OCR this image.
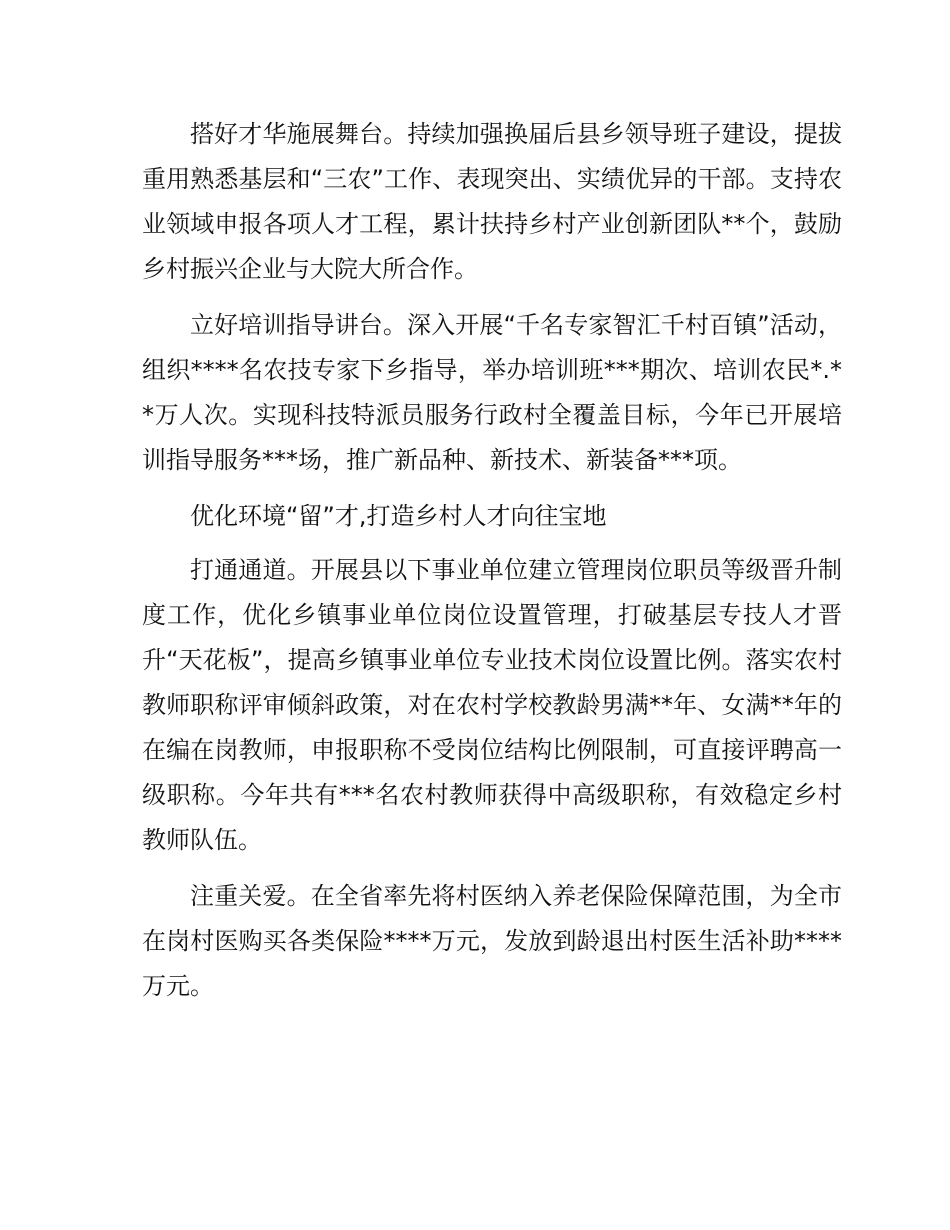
搭好才华施展舞台。持续加强换届后县乡领导班子建设，提拔重用熟悉基层和“三农”工作、表现突出、实绩优异的干部。支持农业领域申报各项人才工程，累计扶持乡村产业创新团队**个，鼓励乡村振兴企业与大院大所合作。

立好培训指导讲台。深入开展“千名专家智汇千村百镇”活动，组织****名农技专家下乡指导，举办培训班***期次、培训农民*.**万人次。实现科技特派员服务行政村全覆盖目标，今年已开展培训指导服务***场，推广新品种、新技术、新装备***项。

优化环境“留”才,打造乡村人才向往宝地

打通通道。开展县以下事业单位建立管理岗位职员等级晋升制度工作，优化乡镇事业单位岗位设置管理，打破基层专技人才晋升“天花板”，提高乡镇事业单位专业技术岗位设置比例。落实农村教师职称评审倾斜政策，对在农村学校教龄男满**年、女满**年的在编在岗教师，申报职称不受岗位结构比例限制，可直接评聘高一级职称。今年共有***名农村教师获得中高级职称，有效稳定乡村教师队伍。

注重关爱。在全省率先将村医纳入养老保险保障范围，为全市在岗村医购买各类保险****万元，发放到龄退出村医生活补助****万元。
